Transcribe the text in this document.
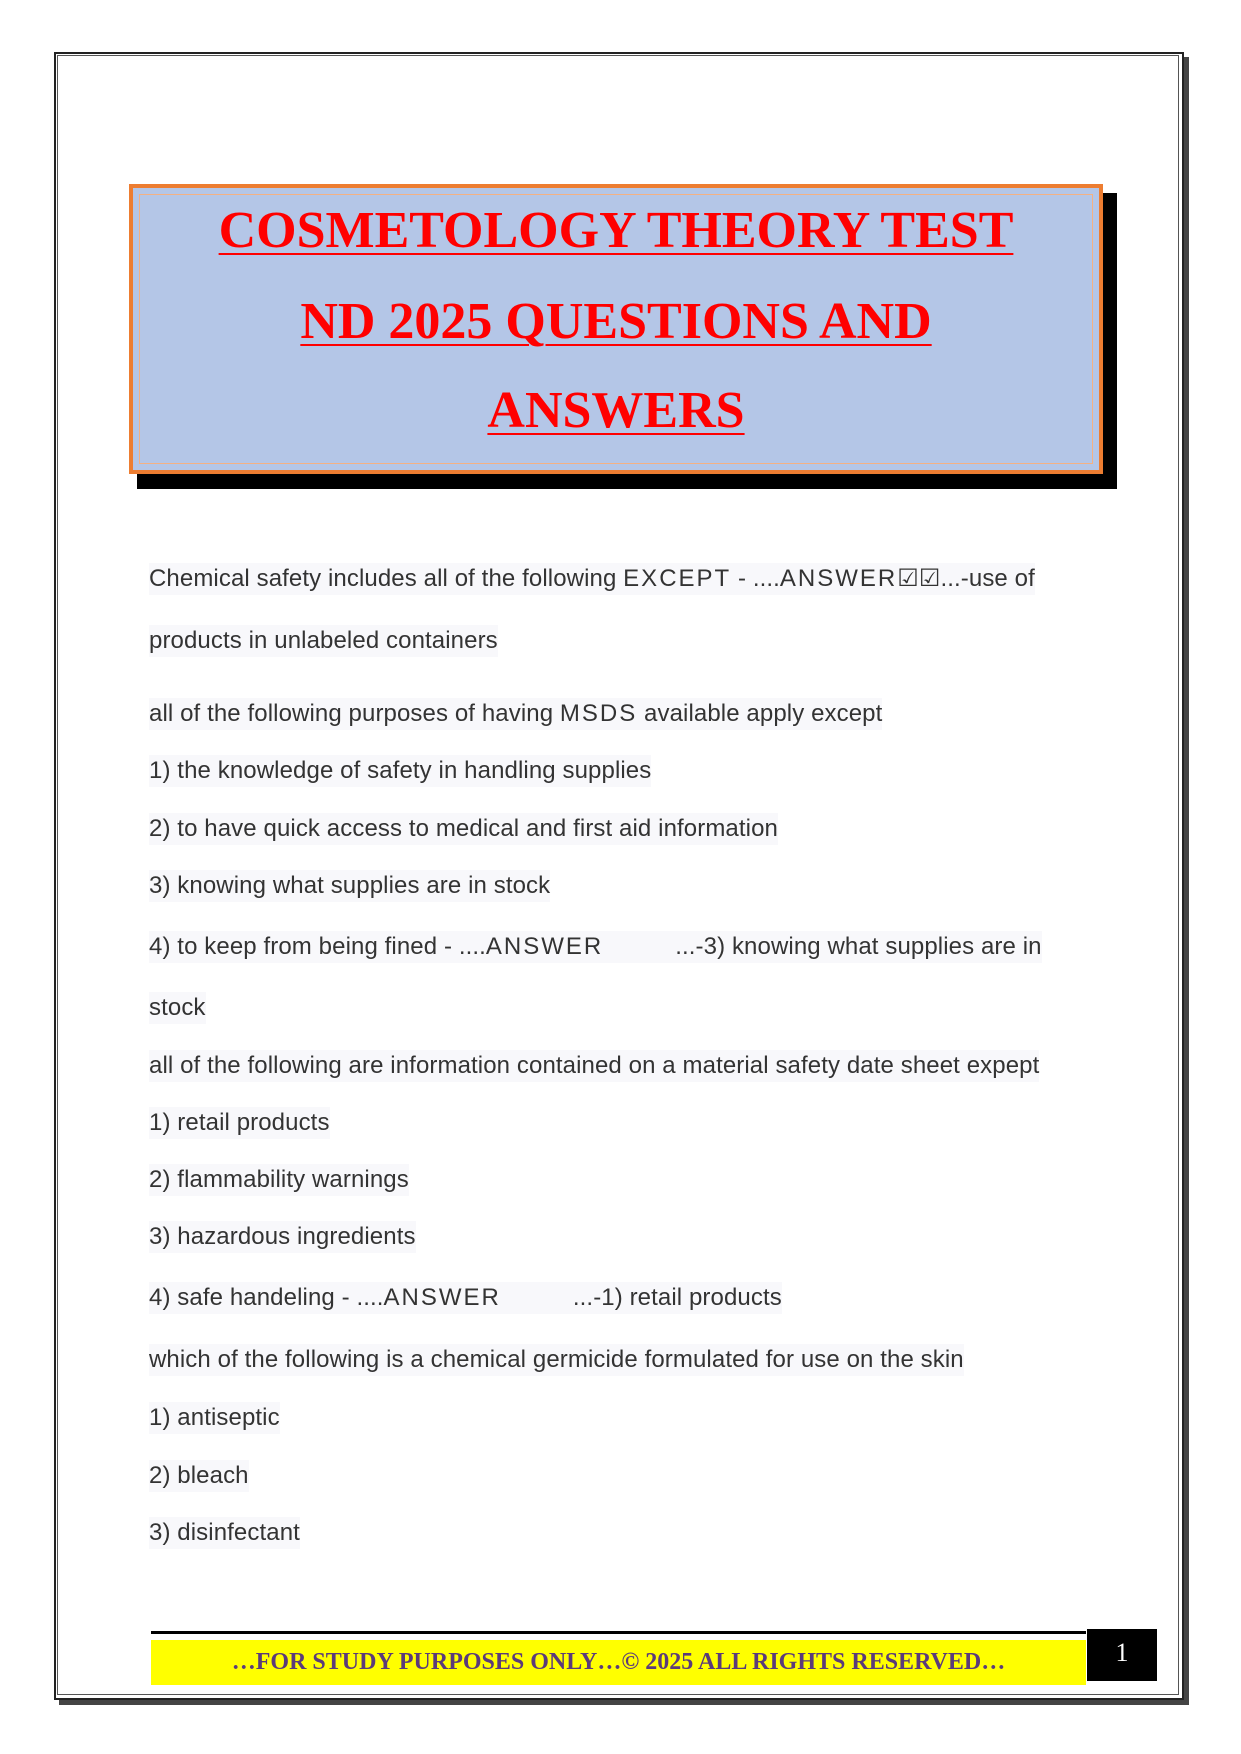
COSMETOLOGY THEORY TEST
ND 2025 QUESTIONS AND
ANSWERS
Chemical safety includes all of the following EXCEPT - ....ANSWER☑☑...-use of
products in unlabeled containers
all of the following purposes of having MSDS available apply except
1) the knowledge of safety in handling supplies
2) to have quick access to medical and first aid information
3) knowing what supplies are in stock
4) to keep from being fined - ....ANSWER	...-3) knowing what supplies are in
stock
all of the following are information contained on a material safety date sheet expept
1) retail products
2) flammability warnings
3) hazardous ingredients
4) safe handeling - ....ANSWER	...-1) retail products
which of the following is a chemical germicide formulated for use on the skin
1) antiseptic
2) bleach
3) disinfectant
…FOR STUDY PURPOSES ONLY…© 2025 ALL RIGHTS RESERVED…	1
